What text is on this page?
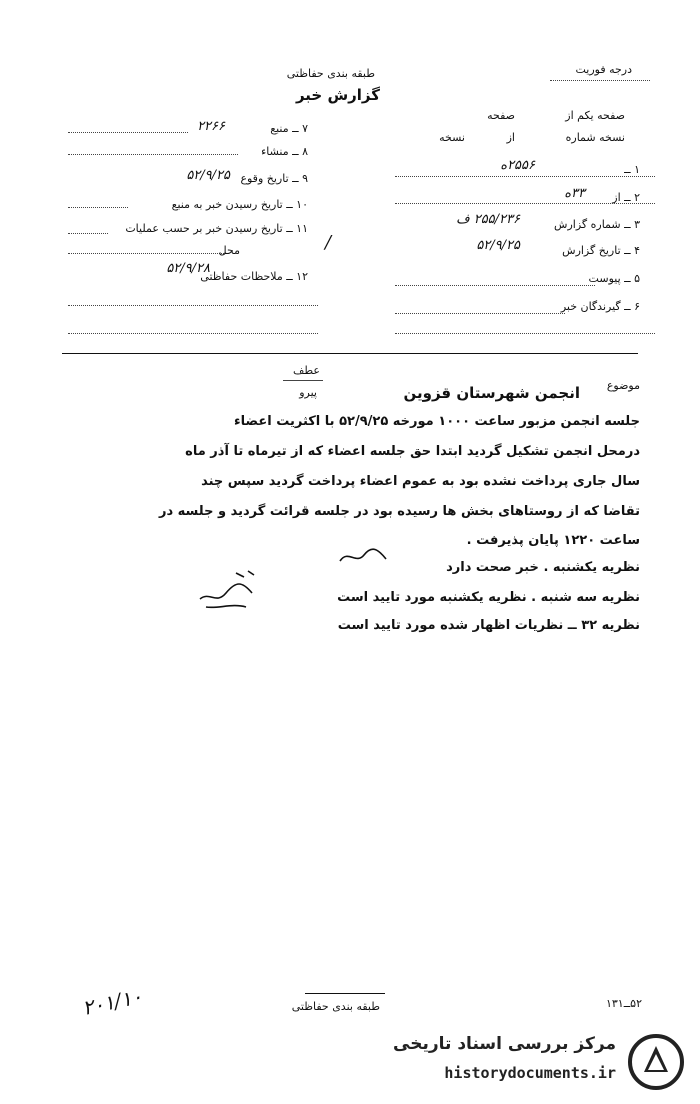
طبقه بندی حفاظتی
گزارش خبر
درجه فوریت
صفحه یکم از
صفحه
نسخه شماره
از
نسخه
۱ ــ
۲۵۵۶ه
۲ ــ از
۳۳ه
۳ ــ شماره گزارش
۲۵۵/۲۳۶ ف
۴ ــ تاریخ گزارش
۵۲/۹/۲۵
۵ ــ پیوست
۶ ــ گیرندگان خبر
۲۲۶۶	۷ ــ منبع
۸ ــ منشاء
۵۲/۹/۲۵ ۹ ــ تاریخ وقوع
۱۰ ــ تاریخ رسیدن خبر به منبع
۱۱ ــ تاریخ رسیدن خبر بر حسب عملیات
محل
۵۲/۹/۲۸
۱۲ ــ ملاحظات حفاظتی
/
عطف
پیرو
موضوع
انجمن شهرستان قزوین
جلسه انجمن مزبور ساعت ۱۰۰۰ مورخه ۵۲/۹/۲۵ با اکثریت اعضاء
درمحل انجمن تشکیل گردید ابتدا حق جلسه اعضاء که از تیرماه تا آذر ماه
سال جاری پرداخت نشده بود به عموم اعضاء پرداخت گردید سپس چند
تقاضا که از روستاهای بخش ها رسیده بود در جلسه قرائت گردید و جلسه در
ساعت ۱۲۲۰ پایان پذیرفت .
نظریه یکشنبه . خبر صحت دارد
نظریه سه شنبه . نظریه یکشنبه مورد تایید است
نظریه ۳۲ ــ نظریات اظهار شده مورد تایید است
طبقه بندی حفاظتی	۵۲ــ۱۳۱
۲۰۱/۱۰
مرکز بررسی اسناد تاریخی
historydocuments.ir
